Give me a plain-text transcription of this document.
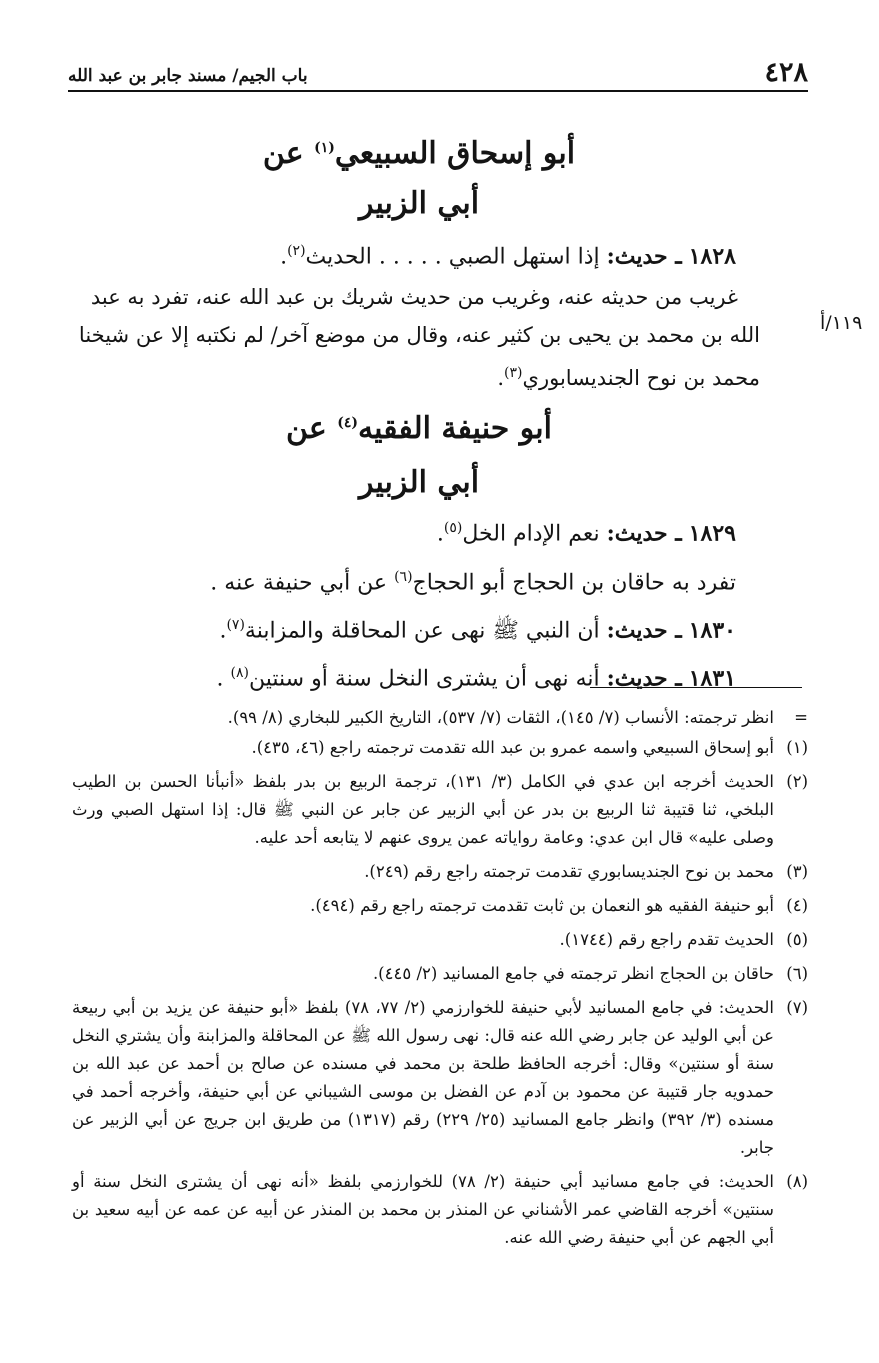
٤٢٨
باب الجيم/ مسند جابر بن عبد الله
١١٩/أ
أبو إسحاق السبيعي$^{(١)}$ عن
أبي الزبير

١٨٢٨ ـ حديث: إذا استهل الصبي . . . . . الحديث$^{(٢)}$.

غريب من حديثه عنه، وغريب من حديث شريك بن عبد الله عنه، تفرد به عبد

الله بن محمد بن يحيى بن كثير عنه، وقال من موضع آخر/ لم نكتبه إلا عن شيخنا

محمد بن نوح الجنديسابوري$^{(٣)}$.

أبو حنيفة الفقيه$^{(٤)}$ عن
أبي الزبير

١٨٢٩ ـ حديث: نعم الإدام الخل$^{(٥)}$.

تفرد به حاقان بن الحجاج أبو الحجاج$^{(٦)}$ عن أبي حنيفة عنه .

١٨٣٠ ـ حديث: أن النبي ﷺ نهى عن المحاقلة والمزابنة$^{(٧)}$.

١٨٣١ ـ حديث: أنه نهى أن يشترى النخل سنة أو سنتين$^{(٨)}$ .

=
انظر ترجمته: الأنساب (٧/ ١٤٥)، الثقات (٧/ ٥٣٧)، التاريخ الكبير للبخاري (٨/ ٩٩).
(١)
أبو إسحاق السبيعي واسمه عمرو بن عبد الله تقدمت ترجمته راجع (٤٦، ٤٣٥).
(٢)
الحديث أخرجه ابن عدي في الكامل (٣/ ١٣١)، ترجمة الربيع بن بدر بلفظ «أنبأنا الحسن بن الطيب البلخي، ثنا قتيبة ثنا الربيع بن بدر عن أبي الزبير عن جابر عن النبي ﷺ قال: إذا استهل الصبي ورث وصلى عليه» قال ابن عدي: وعامة رواياته عمن يروى عنهم لا يتابعه أحد عليه.
(٣)
محمد بن نوح الجنديسابوري تقدمت ترجمته راجع رقم (٢٤٩).
(٤)
أبو حنيفة الفقيه هو النعمان بن ثابت تقدمت ترجمته راجع رقم (٤٩٤).
(٥)
الحديث تقدم راجع رقم (١٧٤٤).
(٦)
حاقان بن الحجاج انظر ترجمته في جامع المسانيد (٢/ ٤٤٥).
(٧)
الحديث: في جامع المسانيد لأبي حنيفة للخوارزمي (٢/ ٧٧، ٧٨) بلفظ «أبو حنيفة عن يزيد بن أبي ربيعة عن أبي الوليد عن جابر رضي الله عنه قال: نهى رسول الله ﷺ عن المحاقلة والمزابنة وأن يشتري النخل سنة أو سنتين» وقال: أخرجه الحافظ طلحة بن محمد في مسنده عن صالح بن أحمد عن عبد الله بن حمدويه جار قتيبة عن محمود بن آدم عن الفضل بن موسى الشيباني عن أبي حنيفة، وأخرجه أحمد في مسنده (٣/ ٣٩٢) وانظر جامع المسانيد (٢٥/ ٢٢٩) رقم (١٣١٧) من طريق ابن جريج عن أبي الزبير عن جابر.
(٨)
الحديث: في جامع مسانيد أبي حنيفة (٢/ ٧٨) للخوارزمي بلفظ «أنه نهى أن يشترى النخل سنة أو سنتين» أخرجه القاضي عمر الأشناني عن المنذر بن محمد بن المنذر عن أبيه عن عمه عن أبيه سعيد بن أبي الجهم عن أبي حنيفة رضي الله عنه.
